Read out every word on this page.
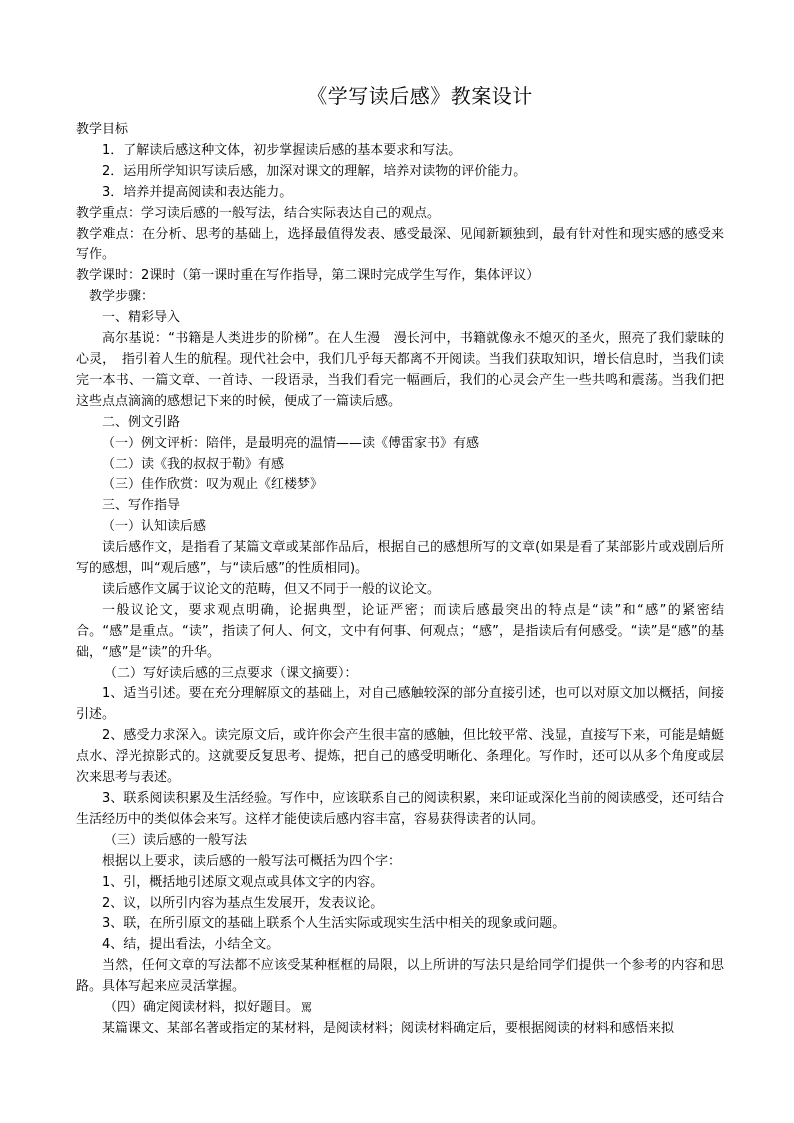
《学写读后感》教案设计

教学目标

1．了解读后感这种文体，初步掌握读后感的基本要求和写法。

2．运用所学知识写读后感，加深对课文的理解，培养对读物的评价能力。

3．培养并提高阅读和表达能力。

教学重点：学习读后感的一般写法，结合实际表达自己的观点。

教学难点：在分析、思考的基础上，选择最值得发表、感受最深、见闻新颖独到，最有针对性和现实感的感受来写作。

教学课时：2课时（第一课时重在写作指导，第二课时完成学生写作，集体评议）

教学步骤：

一、精彩导入

高尔基说：“书籍是人类进步的阶梯”。在人生漫　漫长河中，书籍就像永不熄灭的圣火，照亮了我们蒙昧的心灵，　指引着人生的航程。现代社会中，我们几乎每天都离不开阅读。当我们获取知识，增长信息时，当我们读完一本书、一篇文章、一首诗、一段语录，当我们看完一幅画后，我们的心灵会产生一些共鸣和震荡。当我们把这些点点滴滴的感想记下来的时候，便成了一篇读后感。

二、例文引路

（一）例文评析：陪伴，是最明亮的温情——读《傅雷家书》有感

（二）读《我的叔叔于勒》有感

（三）佳作欣赏：叹为观止《红楼梦》

三、写作指导

（一）认知读后感

读后感作文，是指看了某篇文章或某部作品后，根据自己的感想所写的文章(如果是看了某部影片或戏剧后所写的感想，叫“观后感”，与“读后感”的性质相同)。

读后感作文属于议论文的范畴，但又不同于一般的议论文。

一般议论文，要求观点明确，论据典型，论证严密；而读后感最突出的特点是“读”和“感”的紧密结合。“感”是重点。“读”，指读了何人、何文，文中有何事、何观点；“感”，是指读后有何感受。“读”是“感”的基础，“感”是“读”的升华。

（二）写好读后感的三点要求（课文摘要）：

1、适当引述。要在充分理解原文的基础上，对自己感触较深的部分直接引述，也可以对原文加以概括，间接引述。

2、感受力求深入。读完原文后，或许你会产生很丰富的感触，但比较平常、浅显，直接写下来，可能是蜻蜓点水、浮光掠影式的。这就要反复思考、提炼，把自己的感受明晰化、条理化。写作时，还可以从多个角度或层次来思考与表述。

3、联系阅读积累及生活经验。写作中，应该联系自己的阅读积累，来印证或深化当前的阅读感受，还可结合生活经历中的类似体会来写。这样才能使读后感内容丰富，容易获得读者的认同。

（三）读后感的一般写法

根据以上要求，读后感的一般写法可概括为四个字：

1、引，概括地引述原文观点或具体文字的内容。

2、议，以所引内容为基点生发展开，发表议论。

3、联，在所引原文的基础上联系个人生活实际或现实生活中相关的现象或问题。

4、结，提出看法，小结全文。

当然，任何文章的写法都不应该受某种框框的局限，以上所讲的写法只是给同学们提供一个参考的内容和思路。具体写起来应灵活掌握。

（四）确定阅读材料，拟好题目。 罵

某篇课文、某部名著或指定的某材料，是阅读材料；阅读材料确定后，要根据阅读的材料和感悟来拟
